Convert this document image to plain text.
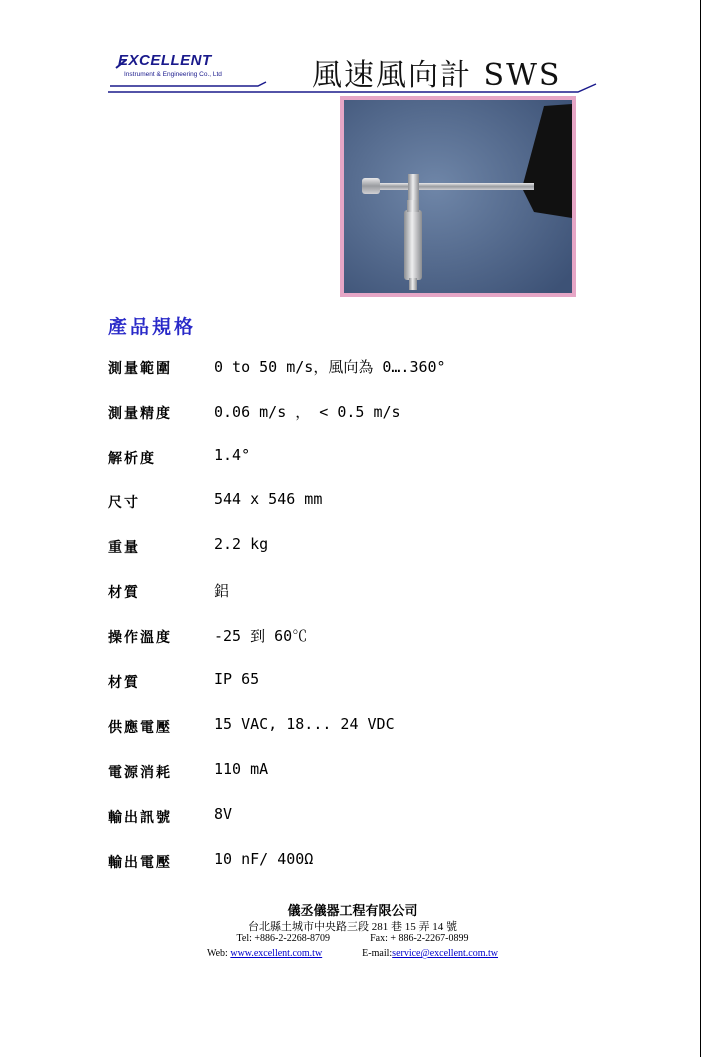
EXCELLENT
Instrument & Engineering Co., Ltd	風速風向計 SWS
產品規格
測量範圍	0 to 50 m/s，風向為 0….360°
測量精度	0.06 m/s ， < 0.5 m/s
解析度	1.4°
尺寸	544 x 546 mm
重量	2.2 kg
材質	鋁
操作溫度	-25 到 60℃
材質	IP 65
供應電壓	15 VAC, 18... 24 VDC
電源消耗	110 mA
輸出訊號	8V
輸出電壓	10 nF/ 400Ω
儀丞儀器工程有限公司
台北縣土城市中央路三段 281 巷 15 弄 14 號
Tel: +886-2-2268-8709	Fax: + 886-2-2267-0899
Web: www.excellent.com.tw	E-mail:service@excellent.com.tw
